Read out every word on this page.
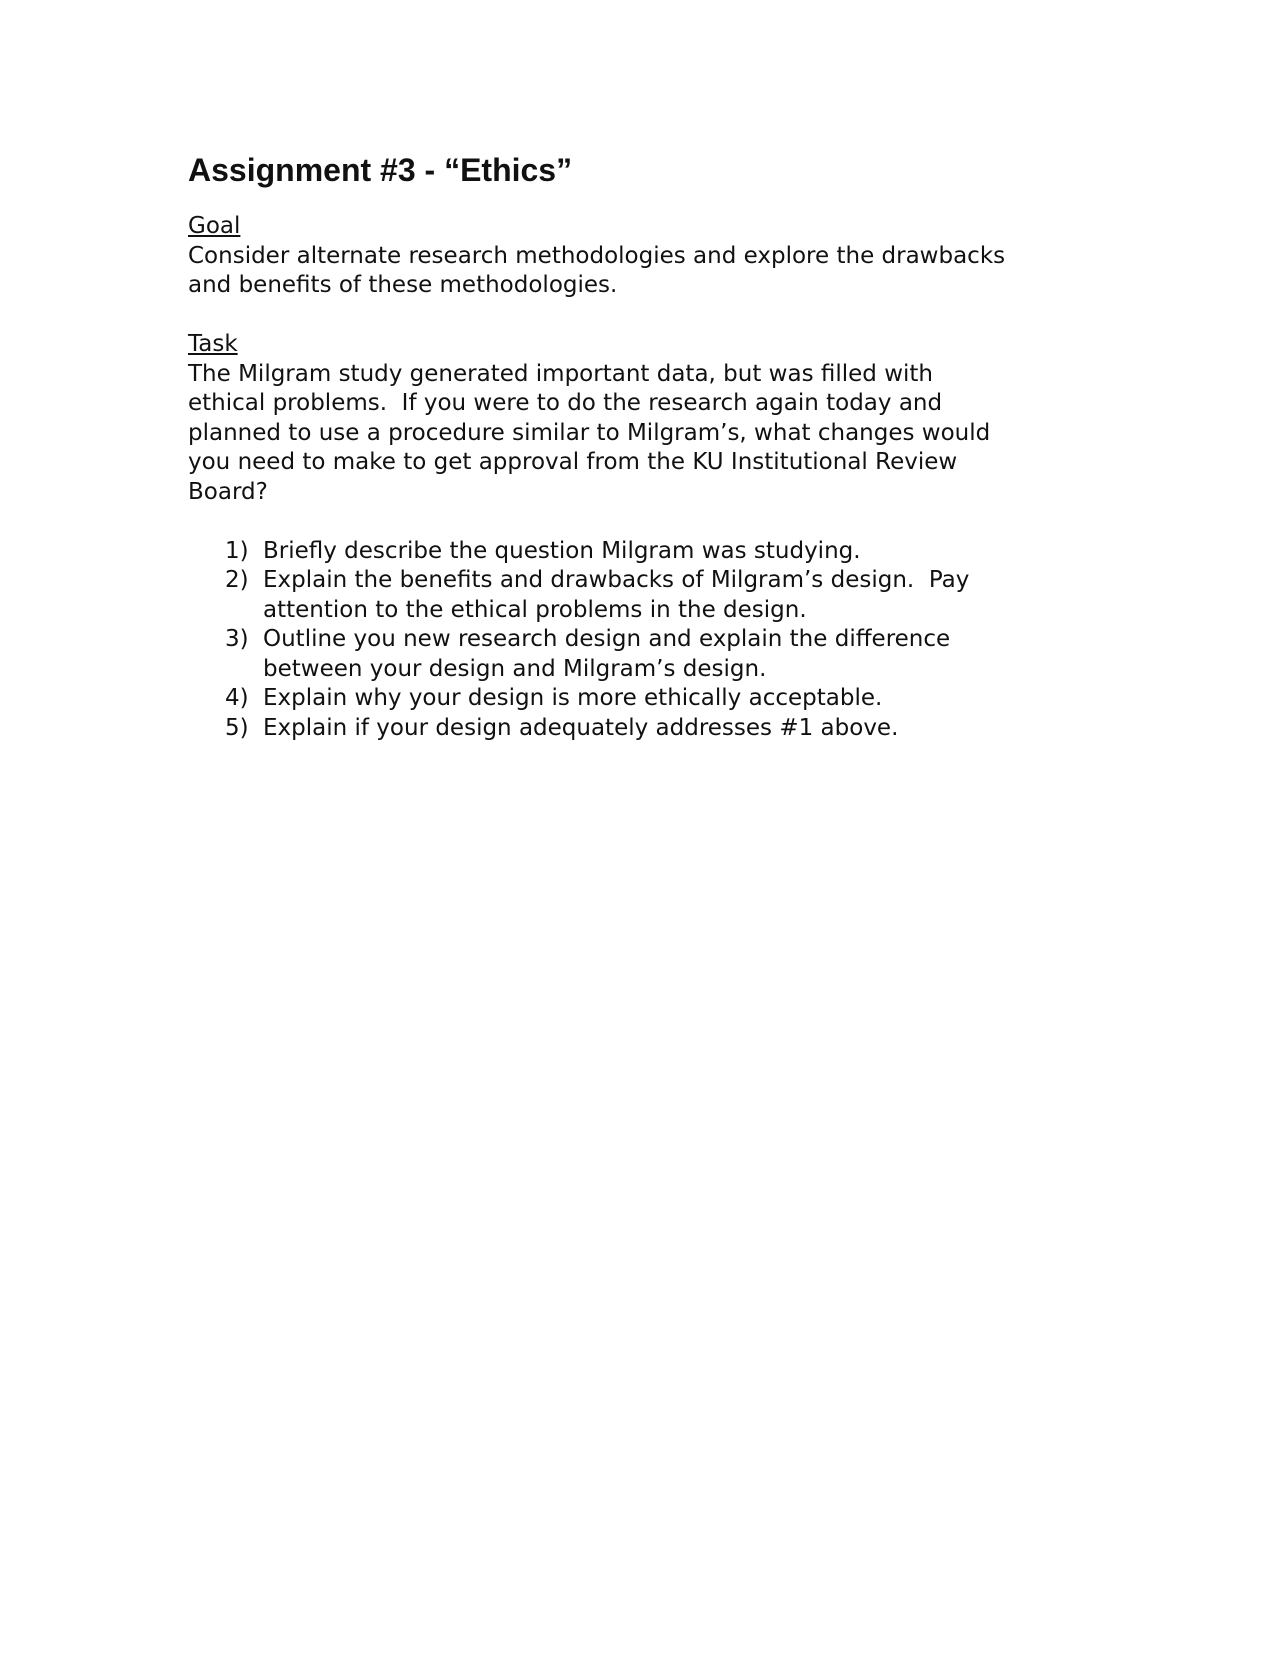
Assignment #3 - “Ethics”
Goal
Consider alternate research methodologies and explore the drawbacks
and benefits of these methodologies.
Task
The Milgram study generated important data, but was filled with
ethical problems.  If you were to do the research again today and
planned to use a procedure similar to Milgram’s, what changes would
you need to make to get approval from the KU Institutional Review
Board?
1) Briefly describe the question Milgram was studying.
2) Explain the benefits and drawbacks of Milgram’s design.  Pay
attention to the ethical problems in the design.
3) Outline you new research design and explain the difference
between your design and Milgram’s design.
4) Explain why your design is more ethically acceptable.
5) Explain if your design adequately addresses #1 above.
